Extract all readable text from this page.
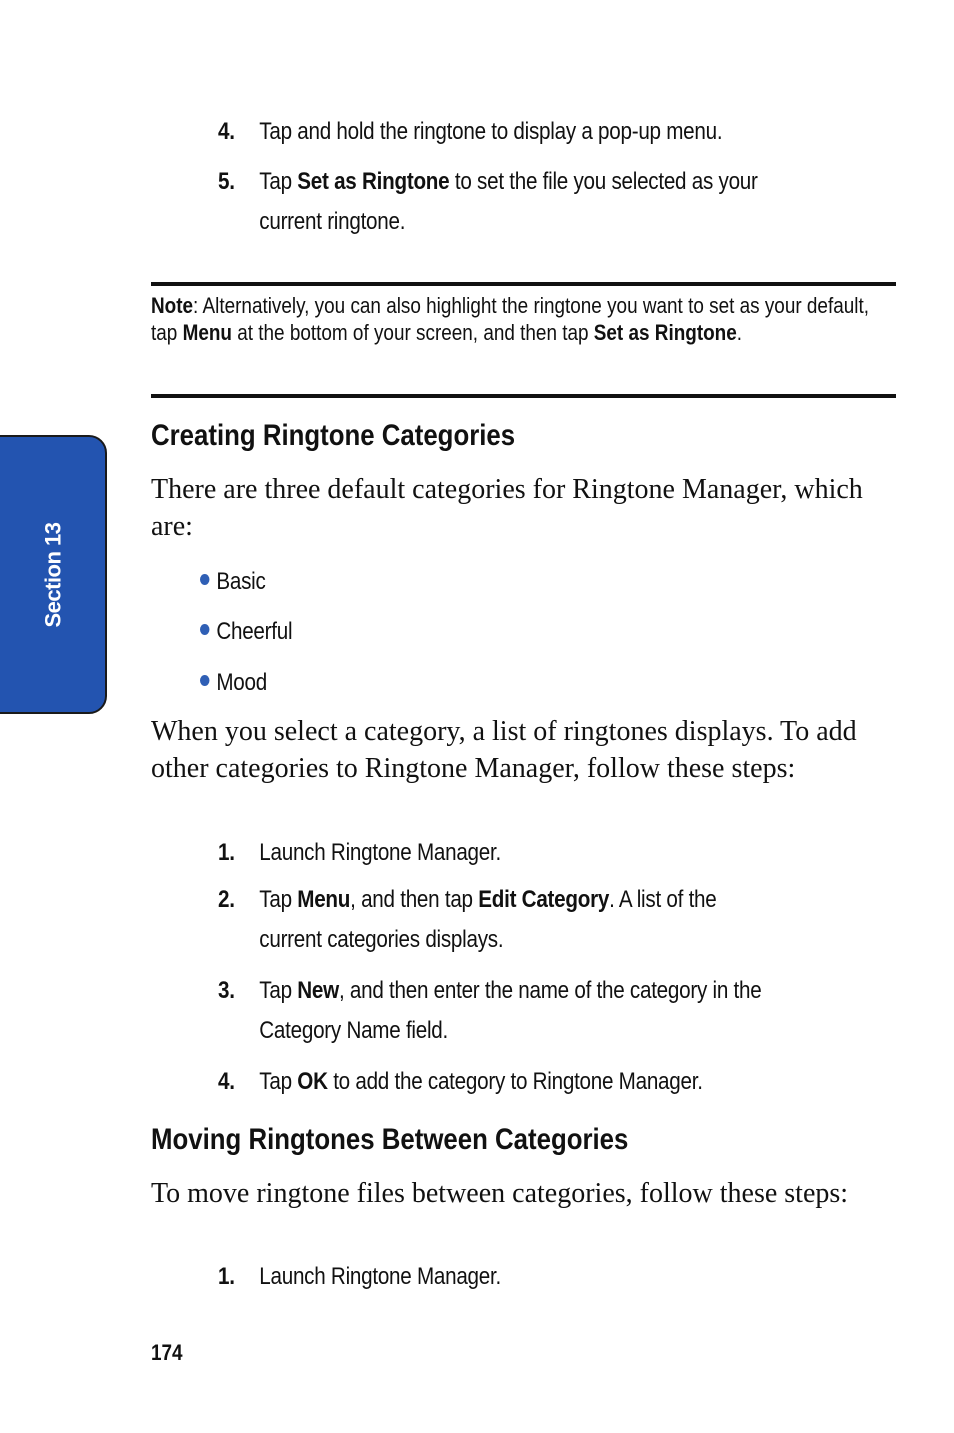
Section 13
4. Tap and hold the ringtone to display a pop-up menu.
5. Tap Set as Ringtone to set the file you selected as your
current ringtone.
Note: Alternatively, you can also highlight the ringtone you want to set as your default, tap Menu at the bottom of your screen, and then tap Set as Ringtone.
Creating Ringtone Categories
There are three default categories for Ringtone Manager, which are:
Basic
Cheerful
Mood
When you select a category, a list of ringtones displays. To add other categories to Ringtone Manager, follow these steps:
1. Launch Ringtone Manager.
2. Tap Menu, and then tap Edit Category. A list of the
current categories displays.
3. Tap New, and then enter the name of the category in the
Category Name field.
4. Tap OK to add the category to Ringtone Manager.
Moving Ringtones Between Categories
To move ringtone files between categories, follow these steps:
1. Launch Ringtone Manager.
174
